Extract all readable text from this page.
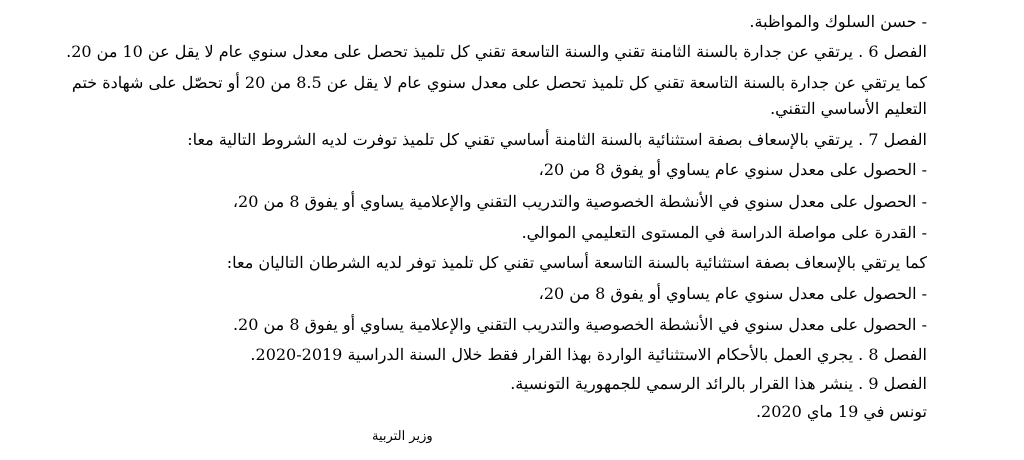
- حسن السلوك والمواظبة.
الفصل 6 . يرتقي عن جدارة بالسنة الثامنة تقني والسنة التاسعة تقني كل تلميذ تحصل على معدل سنوي عام لا يقل عن 10 من 20.
كما يرتقي عن جدارة بالسنة التاسعة تقني كل تلميذ تحصل على معدل سنوي عام لا يقل عن 8.5 من 20 أو تحصّل على شهادة ختم
التعليم الأساسي التقني.
الفصل 7 . يرتقي بالإسعاف بصفة استثنائية بالسنة الثامنة أساسي تقني كل تلميذ توفرت لديه الشروط التالية معا:
- الحصول على معدل سنوي عام يساوي أو يفوق 8 من 20،
- الحصول على معدل سنوي في الأنشطة الخصوصية والتدريب التقني والإعلامية يساوي أو يفوق 8 من 20،
- القدرة على مواصلة الدراسة في المستوى التعليمي الموالي.
كما يرتقي بالإسعاف بصفة استثنائية بالسنة التاسعة أساسي تقني كل تلميذ توفر لديه الشرطان التاليان معا:
- الحصول على معدل سنوي عام يساوي أو يفوق 8 من 20،
- الحصول على معدل سنوي في الأنشطة الخصوصية والتدريب التقني والإعلامية يساوي أو يفوق 8 من 20.
الفصل 8 . يجري العمل بالأحكام الاستثنائية الواردة بهذا القرار فقط خلال السنة الدراسية 2019-2020.
الفصل 9 . ينشر هذا القرار بالرائد الرسمي للجمهورية التونسية.
تونس في 19 ماي 2020.
وزير التربية
